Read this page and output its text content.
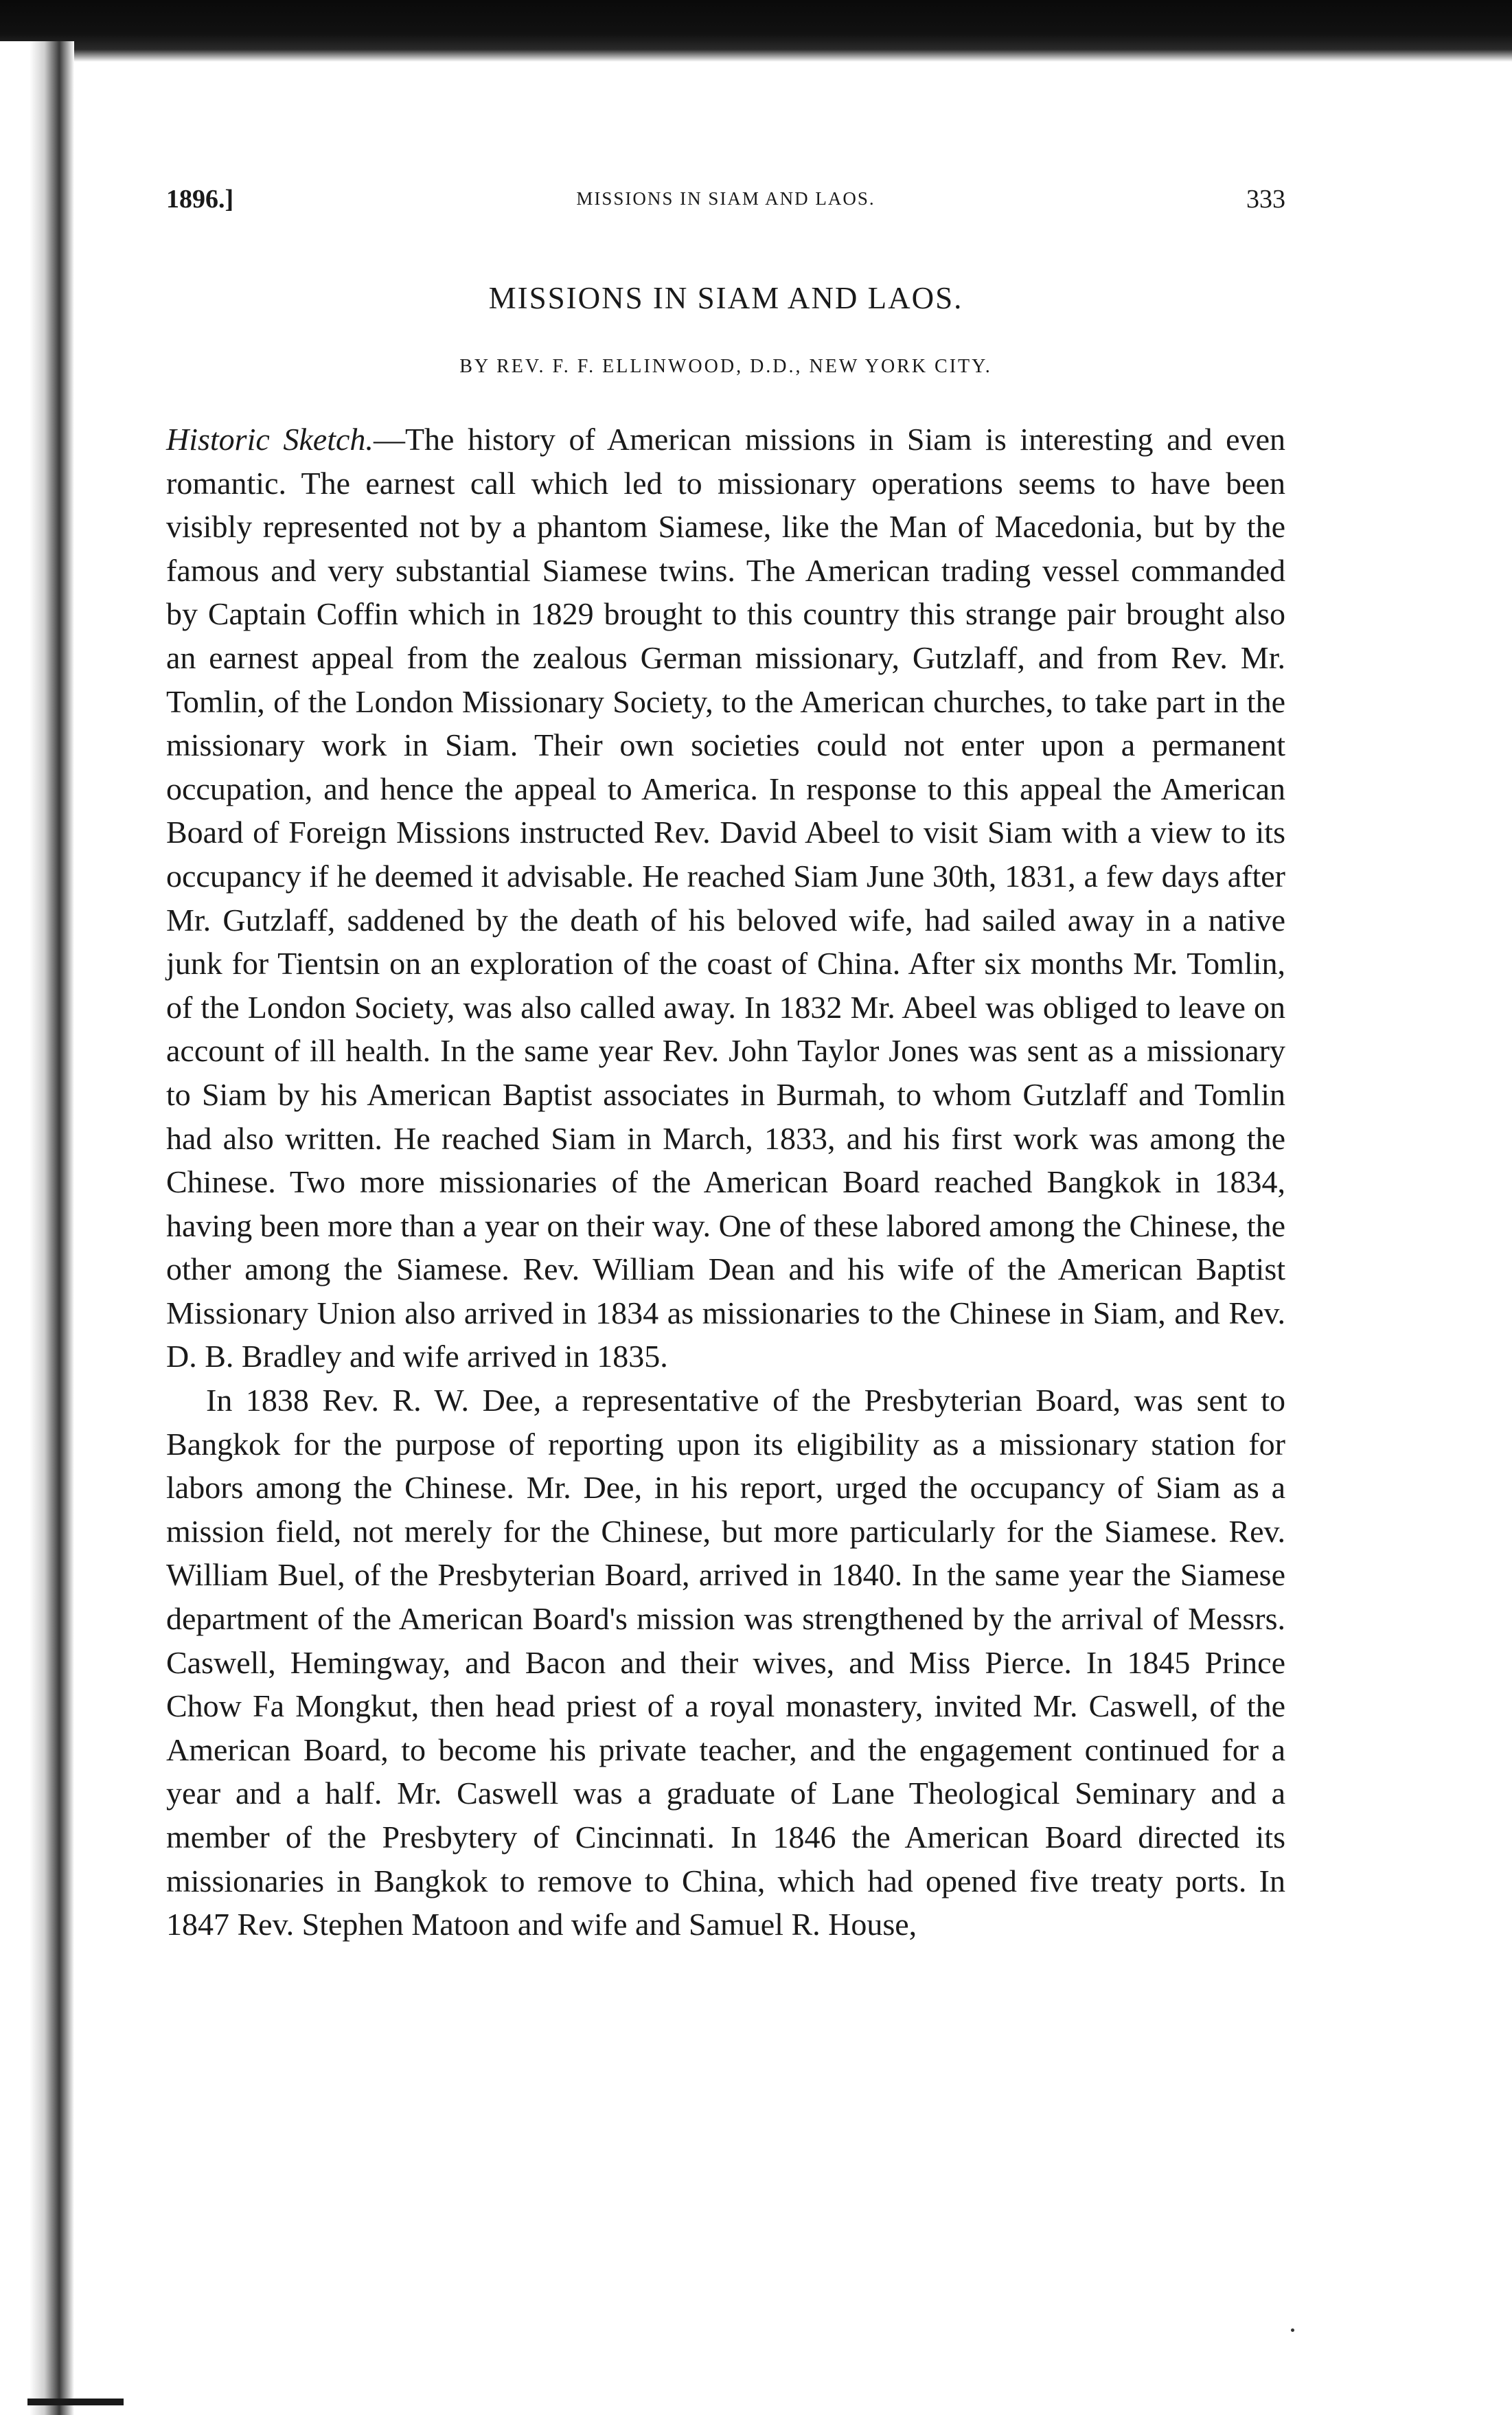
1896.]	MISSIONS IN SIAM AND LAOS.	333
MISSIONS IN SIAM AND LAOS.
BY REV. F. F. ELLINWOOD, D.D., NEW YORK CITY.

Historic Sketch.—The history of American missions in Siam is interesting and even romantic. The earnest call which led to missionary operations seems to have been visibly represented not by a phantom Siamese, like the Man of Macedonia, but by the famous and very substantial Siamese twins. The American trading vessel commanded by Captain Coffin which in 1829 brought to this country this strange pair brought also an earnest appeal from the zealous German missionary, Gutzlaff, and from Rev. Mr. Tomlin, of the London Missionary Society, to the American churches, to take part in the missionary work in Siam. Their own societies could not enter upon a permanent occupation, and hence the appeal to America. In response to this appeal the American Board of Foreign Missions instructed Rev. David Abeel to visit Siam with a view to its occupancy if he deemed it advisable. He reached Siam June 30th, 1831, a few days after Mr. Gutzlaff, saddened by the death of his beloved wife, had sailed away in a native junk for Tientsin on an exploration of the coast of China. After six months Mr. Tomlin, of the London Society, was also called away. In 1832 Mr. Abeel was obliged to leave on account of ill health. In the same year Rev. John Taylor Jones was sent as a missionary to Siam by his American Baptist associates in Burmah, to whom Gutzlaff and Tomlin had also written. He reached Siam in March, 1833, and his first work was among the Chinese. Two more missionaries of the American Board reached Bangkok in 1834, having been more than a year on their way. One of these labored among the Chinese, the other among the Siamese. Rev. William Dean and his wife of the American Baptist Missionary Union also arrived in 1834 as missionaries to the Chinese in Siam, and Rev. D. B. Bradley and wife arrived in 1835.

In 1838 Rev. R. W. Dee, a representative of the Presbyterian Board, was sent to Bangkok for the purpose of reporting upon its eligibility as a missionary station for labors among the Chinese. Mr. Dee, in his report, urged the occupancy of Siam as a mission field, not merely for the Chinese, but more particularly for the Siamese. Rev. William Buel, of the Presbyterian Board, arrived in 1840. In the same year the Siamese department of the American Board's mission was strengthened by the arrival of Messrs. Caswell, Hemingway, and Bacon and their wives, and Miss Pierce. In 1845 Prince Chow Fa Mongkut, then head priest of a royal monastery, invited Mr. Caswell, of the American Board, to become his private teacher, and the engagement continued for a year and a half. Mr. Caswell was a graduate of Lane Theological Seminary and a member of the Presbytery of Cincinnati. In 1846 the American Board directed its missionaries in Bangkok to remove to China, which had opened five treaty ports. In 1847 Rev. Stephen Matoon and wife and Samuel R. House,
